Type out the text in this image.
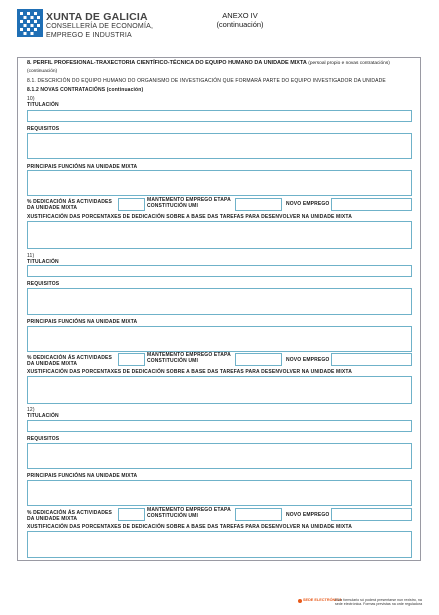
XUNTA DE GALICIA
CONSELLERÍA DE ECONOMÍA,
EMPREGO E INDUSTRIA
ANEXO IV
(continuación)
8. PERFIL PROFESIONAL-TRAXECTORIA CIENTÍFICO-TÉCNICA DO EQUIPO HUMANO DA UNIDADE MIXTA (persoal propio e novas contratacións) (continuación)
8.1. DESCRICIÓN DO EQUIPO HUMANO DO ORGANISMO DE INVESTIGACIÓN QUE FORMARÁ PARTE DO EQUIPO INVESTIGADOR DA UNIDADE
8.1.2 NOVAS CONTRATACIÓNS (continuación)
10)
TITULACIÓN
REQUISITOS
PRINCIPAIS FUNCIÓNS NA UNIDADE MIXTA
% DEDICACIÓN ÁS ACTIVIDADES
DA UNIDADE MIXTA
MANTEMENTO EMPREGO ETAPA
CONSTITUCIÓN UMI	NOVO EMPREGO
XUSTIFICACIÓN DAS PORCENTAXES DE DEDICACIÓN SOBRE A BASE DAS TAREFAS PARA DESENVOLVER NA UNIDADE MIXTA
11)
TITULACIÓN
REQUISITOS
PRINCIPAIS FUNCIÓNS NA UNIDADE MIXTA
% DEDICACIÓN ÁS ACTIVIDADES
DA UNIDADE MIXTA
MANTEMENTO EMPREGO ETAPA
CONSTITUCIÓN UMI	NOVO EMPREGO
XUSTIFICACIÓN DAS PORCENTAXES DE DEDICACIÓN SOBRE A BASE DAS TAREFAS PARA DESENVOLVER NA UNIDADE MIXTA
12)
TITULACIÓN
REQUISITOS
PRINCIPAIS FUNCIÓNS NA UNIDADE MIXTA
% DEDICACIÓN ÁS ACTIVIDADES
DA UNIDADE MIXTA
MANTEMENTO EMPREGO ETAPA
CONSTITUCIÓN UMI	NOVO EMPREGO
XUSTIFICACIÓN DAS PORCENTAXES DE DEDICACIÓN SOBRE A BASE DAS TAREFAS PARA DESENVOLVER NA UNIDADE MIXTA
SEDE ELECTRÓNICA
Este formulario só poderá presentarse nun rexistro, na sede electrónica. Formas previstas na orde reguladora
